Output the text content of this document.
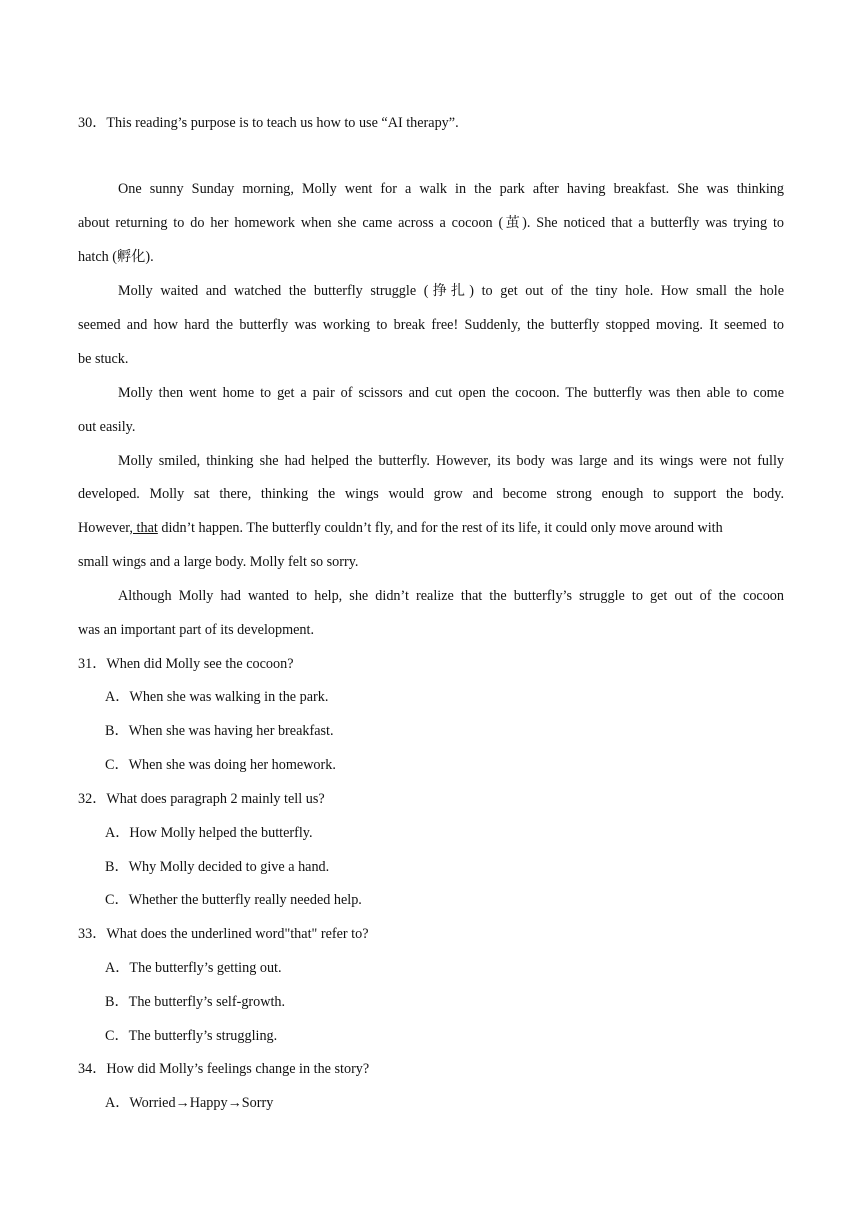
30．This reading’s purpose is to teach us how to use “AI therapy”.
One sunny Sunday morning, Molly went for a walk in the park after having breakfast. She was thinking
about returning to do her homework when she came across a cocoon (茧). She noticed that a butterfly was trying to
hatch (孵化).
Molly waited and watched the butterfly struggle (挣扎) to get out of the tiny hole. How small the hole
seemed and how hard the butterfly was working to break free! Suddenly, the butterfly stopped moving. It seemed to
be stuck.
Molly then went home to get a pair of scissors and cut open the cocoon. The butterfly was then able to come
out easily.
Molly smiled, thinking she had helped the butterfly. However, its body was large and its wings were not fully
developed. Molly sat there, thinking the wings would grow and become strong enough to support the body.
However, that didn’t happen. The butterfly couldn’t fly, and for the rest of its life, it could only move around with
small wings and a large body. Molly felt so sorry.
Although Molly had wanted to help, she didn’t realize that the butterfly’s struggle to get out of the cocoon
was an important part of its development.
31．When did Molly see the cocoon?
A．When she was walking in the park.
B．When she was having her breakfast.
C．When she was doing her homework.
32．What does paragraph 2 mainly tell us?
A．How Molly helped the butterfly.
B．Why Molly decided to give a hand.
C．Whether the butterfly really needed help.
33．What does the underlined word"that" refer to?
A．The butterfly’s getting out.
B．The butterfly’s self-growth.
C．The butterfly’s struggling.
34．How did Molly’s feelings change in the story?
A．Worried→Happy→Sorry
